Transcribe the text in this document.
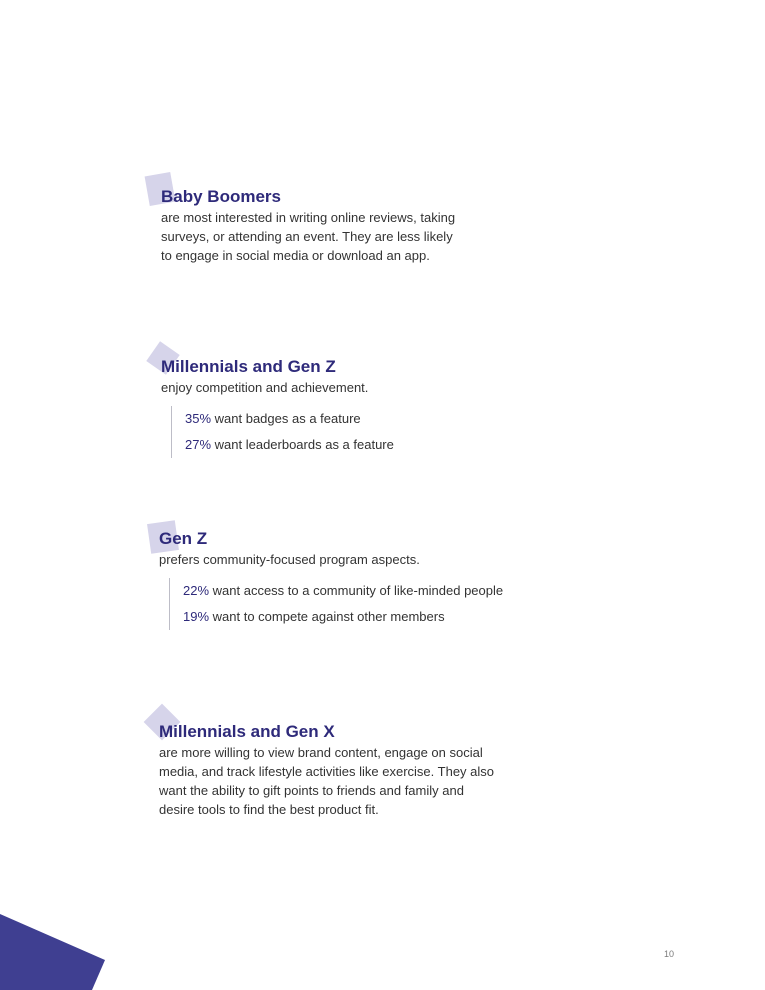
Baby Boomers

are most interested in writing online reviews, taking
surveys, or attending an event. They are less likely
to engage in social media or download an app.

Millennials and Gen Z

enjoy competition and achievement.

35% want badges as a feature
27% want leaderboards as a feature
Gen Z

prefers community-focused program aspects.

22% want access to a community of like-minded people
19% want to compete against other members
Millennials and Gen X

are more willing to view brand content, engage on social
media, and track lifestyle activities like exercise. They also
want the ability to gift points to friends and family and
desire tools to find the best product fit.

10
